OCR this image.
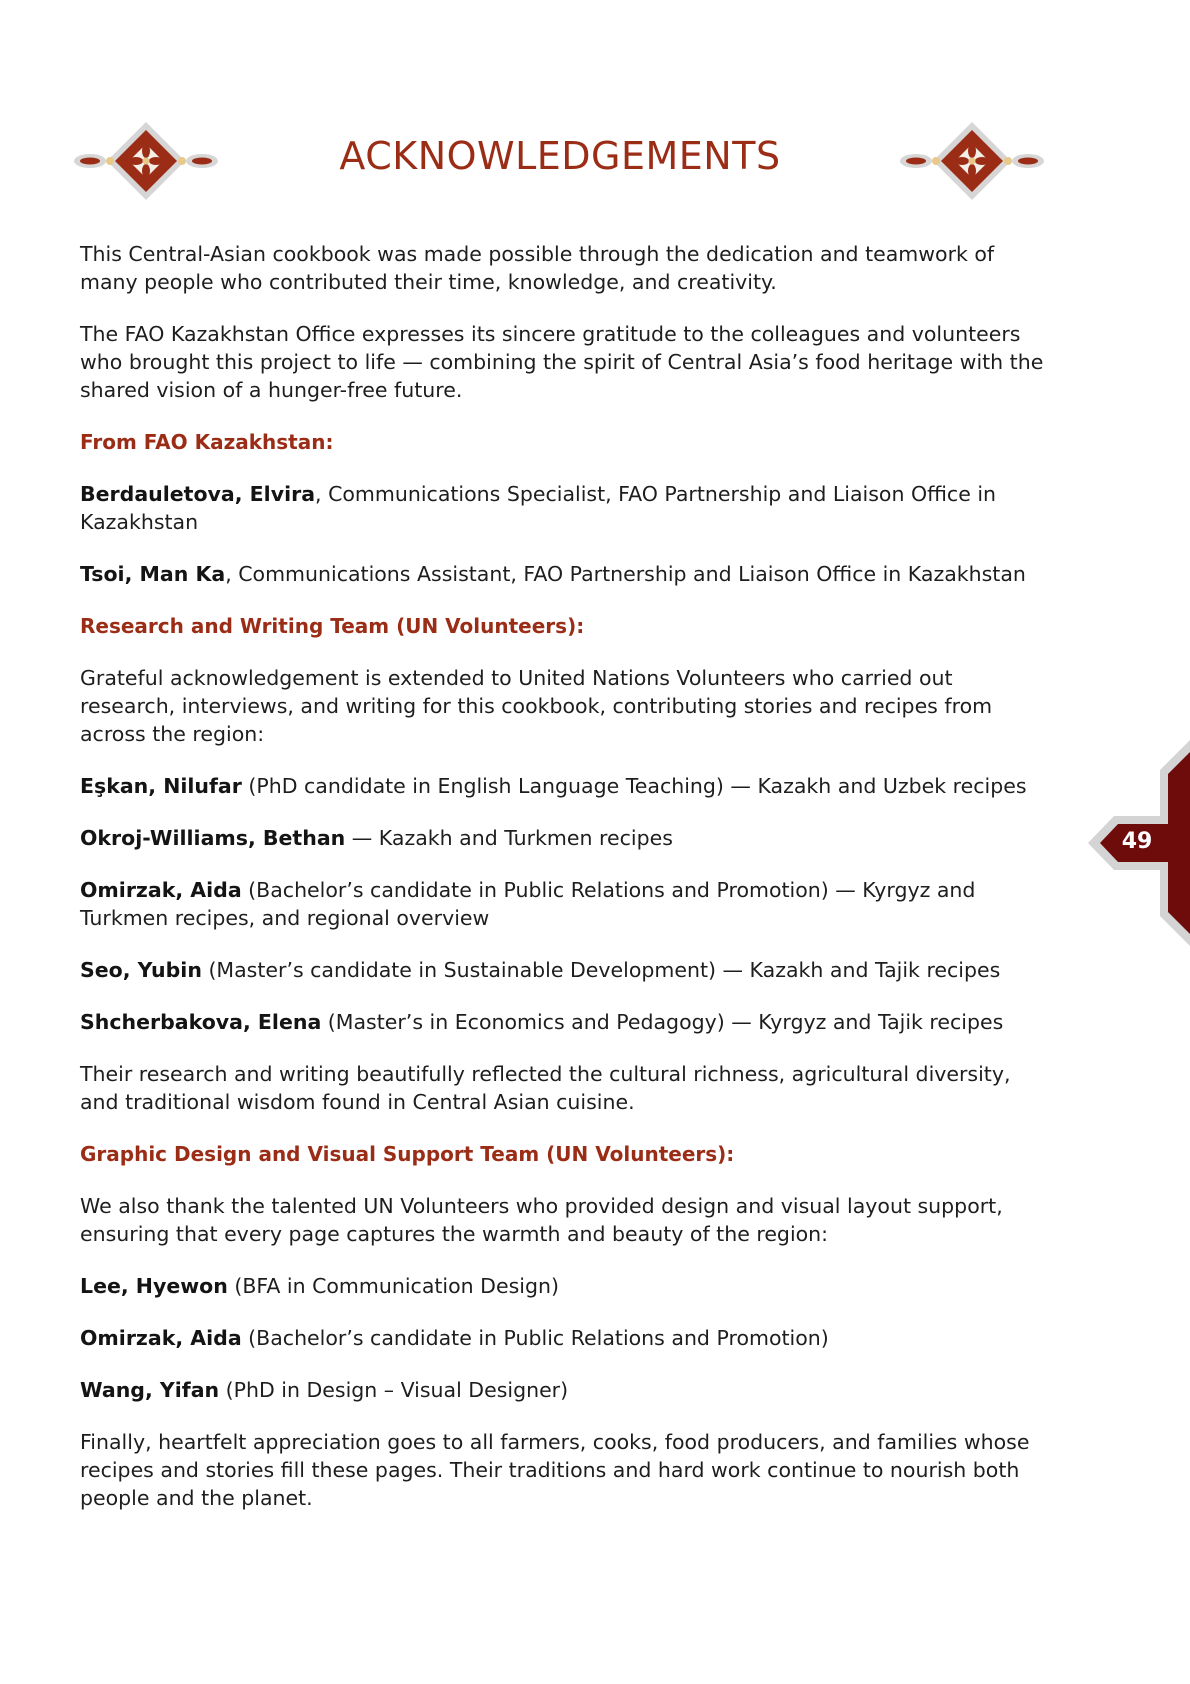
ACKNOWLEDGEMENTS

This Central-Asian cookbook was made possible through the dedication and teamwork of many people who contributed their time, knowledge, and creativity.

The FAO Kazakhstan Office expresses its sincere gratitude to the colleagues and volunteers who brought this project to life — combining the spirit of Central Asia’s food heritage with the shared vision of a hunger-free future.

From FAO Kazakhstan:

Berdauletova, Elvira, Communications Specialist, FAO Partnership and Liaison Office in Kazakhstan

Tsoi, Man Ka, Communications Assistant, FAO Partnership and Liaison Office in Kazakhstan

Research and Writing Team (UN Volunteers):

Grateful acknowledgement is extended to United Nations Volunteers who carried out research, interviews, and writing for this cookbook, contributing stories and recipes from across the region:

Eşkan, Nilufar (PhD candidate in English Language Teaching) — Kazakh and Uzbek recipes

Okroj-Williams, Bethan — Kazakh and Turkmen recipes

Omirzak, Aida (Bachelor’s candidate in Public Relations and Promotion) — Kyrgyz and Turkmen recipes, and regional overview

Seo, Yubin (Master’s candidate in Sustainable Development) — Kazakh and Tajik recipes

Shcherbakova, Elena (Master’s in Economics and Pedagogy) — Kyrgyz and Tajik recipes

Their research and writing beautifully reflected the cultural richness, agricultural diversity, and traditional wisdom found in Central Asian cuisine.

Graphic Design and Visual Support Team (UN Volunteers):

We also thank the talented UN Volunteers who provided design and visual layout support, ensuring that every page captures the warmth and beauty of the region:

Lee, Hyewon (BFA in Communication Design)

Omirzak, Aida (Bachelor’s candidate in Public Relations and Promotion)

Wang, Yifan (PhD in Design – Visual Designer)

Finally, heartfelt appreciation goes to all farmers, cooks, food producers, and families whose recipes and stories fill these pages. Their traditions and hard work continue to nourish both people and the planet.

49
